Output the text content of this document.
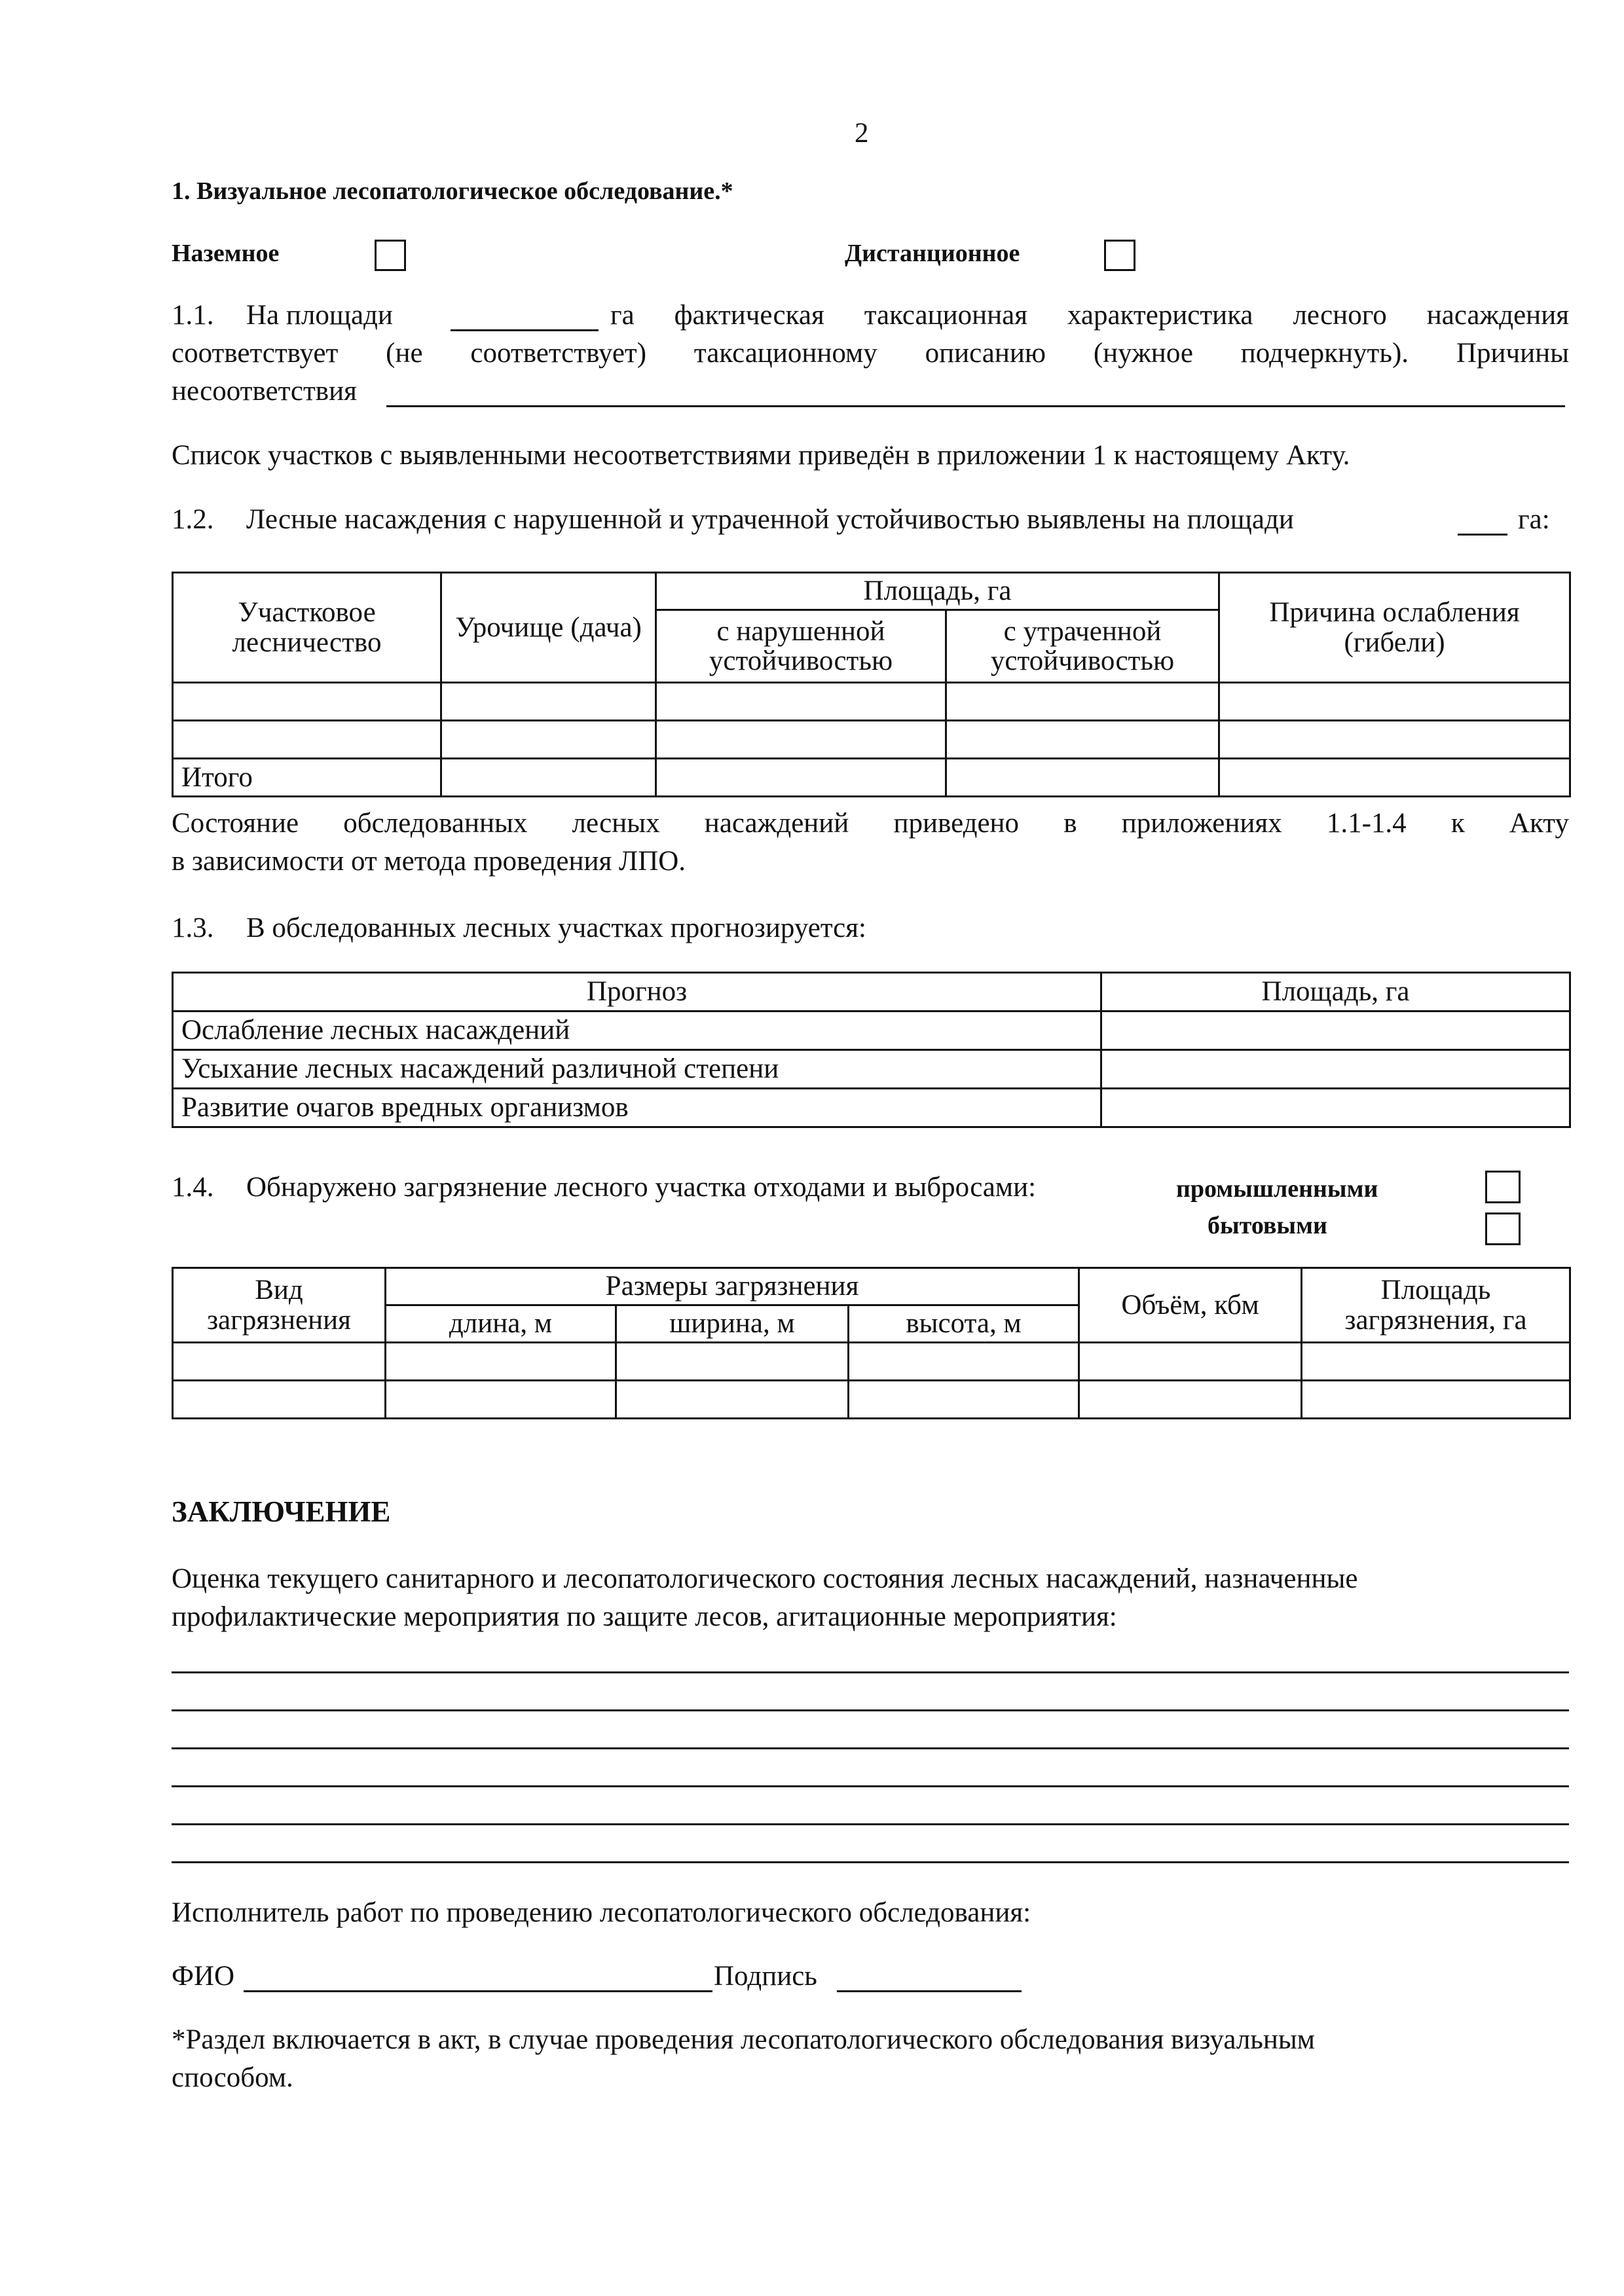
2
1. Визуальное лесопатологическое обследование.*
Наземное	Дистанционное
1.1. На площади	га фактическая таксационная характеристика лесного насаждения
соответствует (не соответствует) таксационному описанию (нужное подчеркнуть). Причины
несоответствия
Список участков с выявленными несоответствиями приведён в приложении 1 к настоящему Акту.
1.2. Лесные насаждения с нарушенной и утраченной устойчивостью выявлены на площади	га:
Участковое лесничество	Урочище (дача)	Площадь, га		Причина ослабления (гибели)
		с нарушенной устойчивостью	с утраченной устойчивостью	

Итого				
Состояние обследованных лесных насаждений приведено в приложениях 1.1-1.4 к Акту
в зависимости от метода проведения ЛПО.
1.3. В обследованных лесных участках прогнозируется:
Прогноз	Площадь, га
Ослабление лесных насаждений	
Усыхание лесных насаждений различной степени	
Развитие очагов вредных организмов	
1.4. Обнаружено загрязнение лесного участка отходами и выбросами:	промышленными
бытовыми
Вид загрязнения	Размеры загрязнения			Объём, кбм	Площадь загрязнения, га
	длина, м	ширина, м	высота, м		

ЗАКЛЮЧЕНИЕ
Оценка текущего санитарного и лесопатологического состояния лесных насаждений, назначенные
профилактические мероприятия по защите лесов, агитационные мероприятия:
Исполнитель работ по проведению лесопатологического обследования:
ФИО	Подпись
*Раздел включается в акт, в случае проведения лесопатологического обследования визуальным
способом.
